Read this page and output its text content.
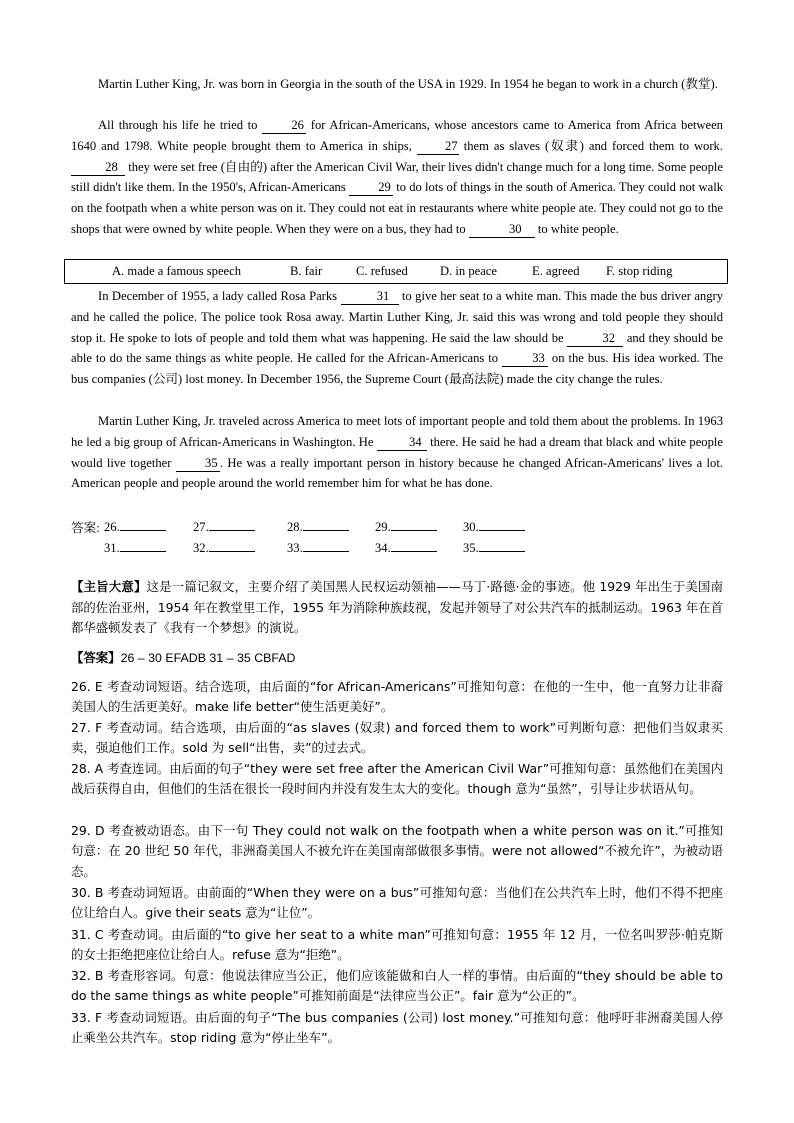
Martin Luther King, Jr. was born in Georgia in the south of the USA in 1929. In 1954 he began to work in a church (教堂).

All through his life he tried to 26 for African-Americans, whose ancestors came to America from Africa between 1640 and 1798. White people brought them to America in ships, 27 them as slaves (奴隶) and forced them to work. 28 they were set free (自由的) after the American Civil War, their lives didn't change much for a long time. Some people still didn't like them. In the 1950's, African-Americans 29 to do lots of things in the south of America. They could not walk on the footpath when a white person was on it. They could not eat in restaurants where white people ate. They could not go to the shops that were owned by white people. When they were on a bus, they had to	30 to white people.

A. made a famous speech	B. fair	C. refused	D. in peace	E. agreed F. stop riding

In December of 1955, a lady called Rosa Parks	31 to give her seat to a white man. This made the bus driver angry and he called the police. The police took Rosa away. Martin Luther King, Jr. said this was wrong and told people they should stop it. He spoke to lots of people and told them what was happening. He said the law should be	32 and they should be able to do the same things as white people. He called for the African-Americans to 33 on the bus. His idea worked. The bus companies (公司) lost money. In December 1956, the Supreme Court (最高法院) made the city change the rules.

Martin Luther King, Jr. traveled across America to meet lots of important people and told them about the problems. In 1963 he led a big group of African-Americans in Washington. He	34 there. He said he had a dream that black and white people would live together 35 . He was a really important person in history because he changed African-Americans' lives a lot. American people and people around the world remember him for what he has done.

答案: 26.	27.	28.	29.	30.
31.	32.	33.	34.	35.

【主旨大意】这是一篇记叙文，主要介绍了美国黑人民权运动领袖——马丁·路德·金的事迹。他 1929 年出生于美国南部的佐治亚州，1954 年在教堂里工作，1955 年为消除种族歧视，发起并领导了对公共汽车的抵制运动。1963 年在首都华盛顿发表了《我有一个梦想》的演说。

【答案】26 – 30 EFADB 31 – 35 CBFAD

26. E 考查动词短语。结合选项，由后面的“for African-Americans”可推知句意：在他的一生中，他一直努力让非裔美国人的生活更美好。make life better“使生活更美好”。

27. F 考查动词。结合选项，由后面的“as slaves (奴隶) and forced them to work”可判断句意：把他们当奴隶买卖，强迫他们工作。sold 为 sell“出售，卖”的过去式。

28. A 考查连词。由后面的句子“they were set free after the American Civil War”可推知句意：虽然他们在美国内战后获得自由，但他们的生活在很长一段时间内并没有发生太大的变化。though 意为“虽然”，引导让步状语从句。

29. D 考查被动语态。由下一句 They could not walk on the footpath when a white person was on it.”可推知句意：在 20 世纪 50 年代，非洲裔美国人不被允许在美国南部做很多事情。were not allowed“不被允许”，为被动语态。

30. B 考查动词短语。由前面的“When they were on a bus”可推知句意：当他们在公共汽车上时，他们不得不把座位让给白人。give their seats 意为“让位”。

31. C 考查动词。由后面的“to give her seat to a white man”可推知句意：1955 年 12 月，一位名叫罗莎·帕克斯的女士拒绝把座位让给白人。refuse 意为“拒绝”。

32. B 考查形容词。句意：他说法律应当公正，他们应该能做和白人一样的事情。由后面的“they should be able to do the same things as white people”可推知前面是“法律应当公正”。fair 意为“公正的”。

33. F 考查动词短语。由后面的句子“The bus companies (公司) lost money.”可推知句意：他呼吁非洲裔美国人停止乘坐公共汽车。stop riding 意为“停止坐车”。
